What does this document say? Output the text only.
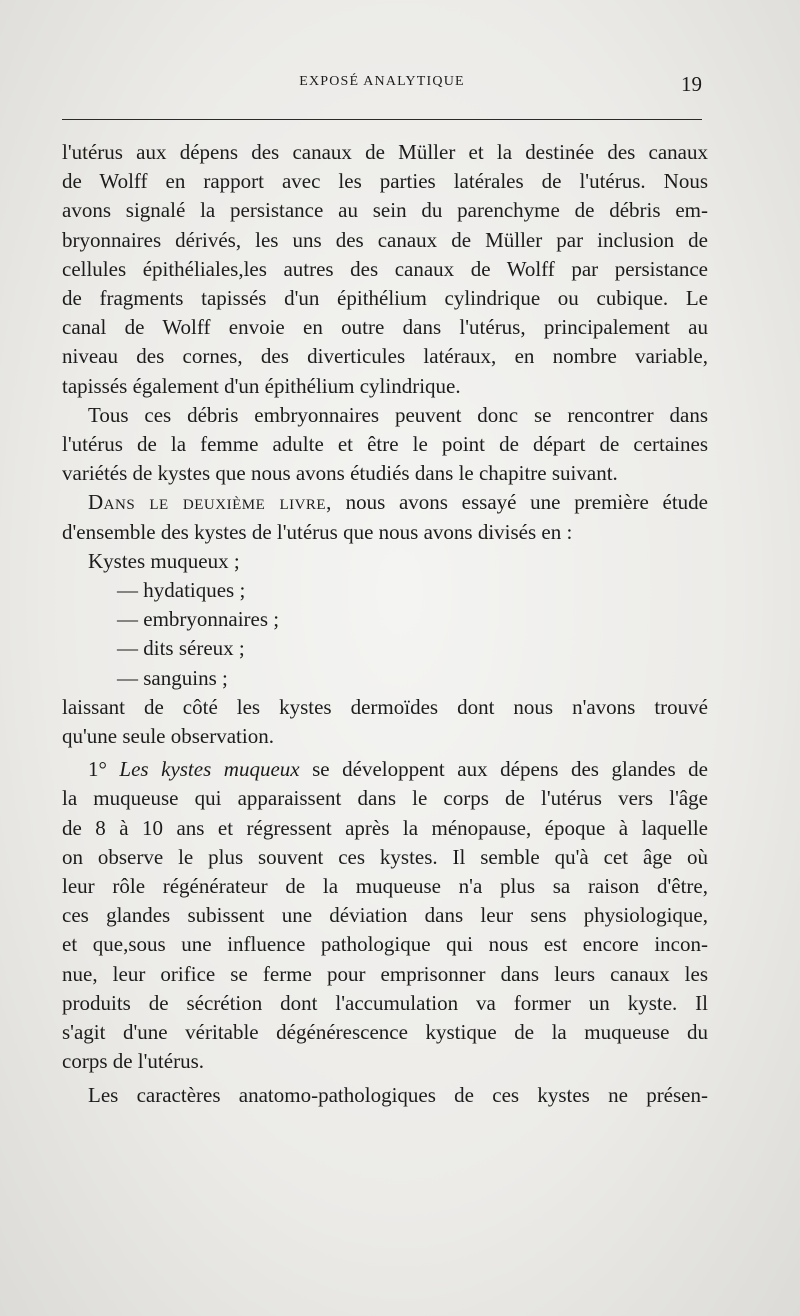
EXPOSÉ ANALYTIQUE	19
l'utérus aux dépens des canaux de Müller et la destinée des canaux
de Wolff en rapport avec les parties latérales de l'utérus. Nous
avons signalé la persistance au sein du parenchyme de débris em-
bryonnaires dérivés, les uns des canaux de Müller par inclusion de
cellules épithéliales,les autres des canaux de Wolff par persistance
de fragments tapissés d'un épithélium cylindrique ou cubique. Le
canal de Wolff envoie en outre dans l'utérus, principalement au
niveau des cornes, des diverticules latéraux, en nombre variable,
tapissés également d'un épithélium cylindrique.
Tous ces débris embryonnaires peuvent donc se rencontrer dans
l'utérus de la femme adulte et être le point de départ de certaines
variétés de kystes que nous avons étudiés dans le chapitre suivant.
Dans le deuxième livre, nous avons essayé une première étude
d'ensemble des kystes de l'utérus que nous avons divisés en :
Kystes muqueux ;
— hydatiques ;
— embryonnaires ;
— dits séreux ;
— sanguins ;
laissant de côté les kystes dermoïdes dont nous n'avons trouvé
qu'une seule observation.
1° Les kystes muqueux se développent aux dépens des glandes de
la muqueuse qui apparaissent dans le corps de l'utérus vers l'âge
de 8 à 10 ans et régressent après la ménopause, époque à laquelle
on observe le plus souvent ces kystes. Il semble qu'à cet âge où
leur rôle régénérateur de la muqueuse n'a plus sa raison d'être,
ces glandes subissent une déviation dans leur sens physiologique,
et que,sous une influence pathologique qui nous est encore incon-
nue, leur orifice se ferme pour emprisonner dans leurs canaux les
produits de sécrétion dont l'accumulation va former un kyste. Il
s'agit d'une véritable dégénérescence kystique de la muqueuse du
corps de l'utérus.
Les caractères anatomo-pathologiques de ces kystes ne présen-
